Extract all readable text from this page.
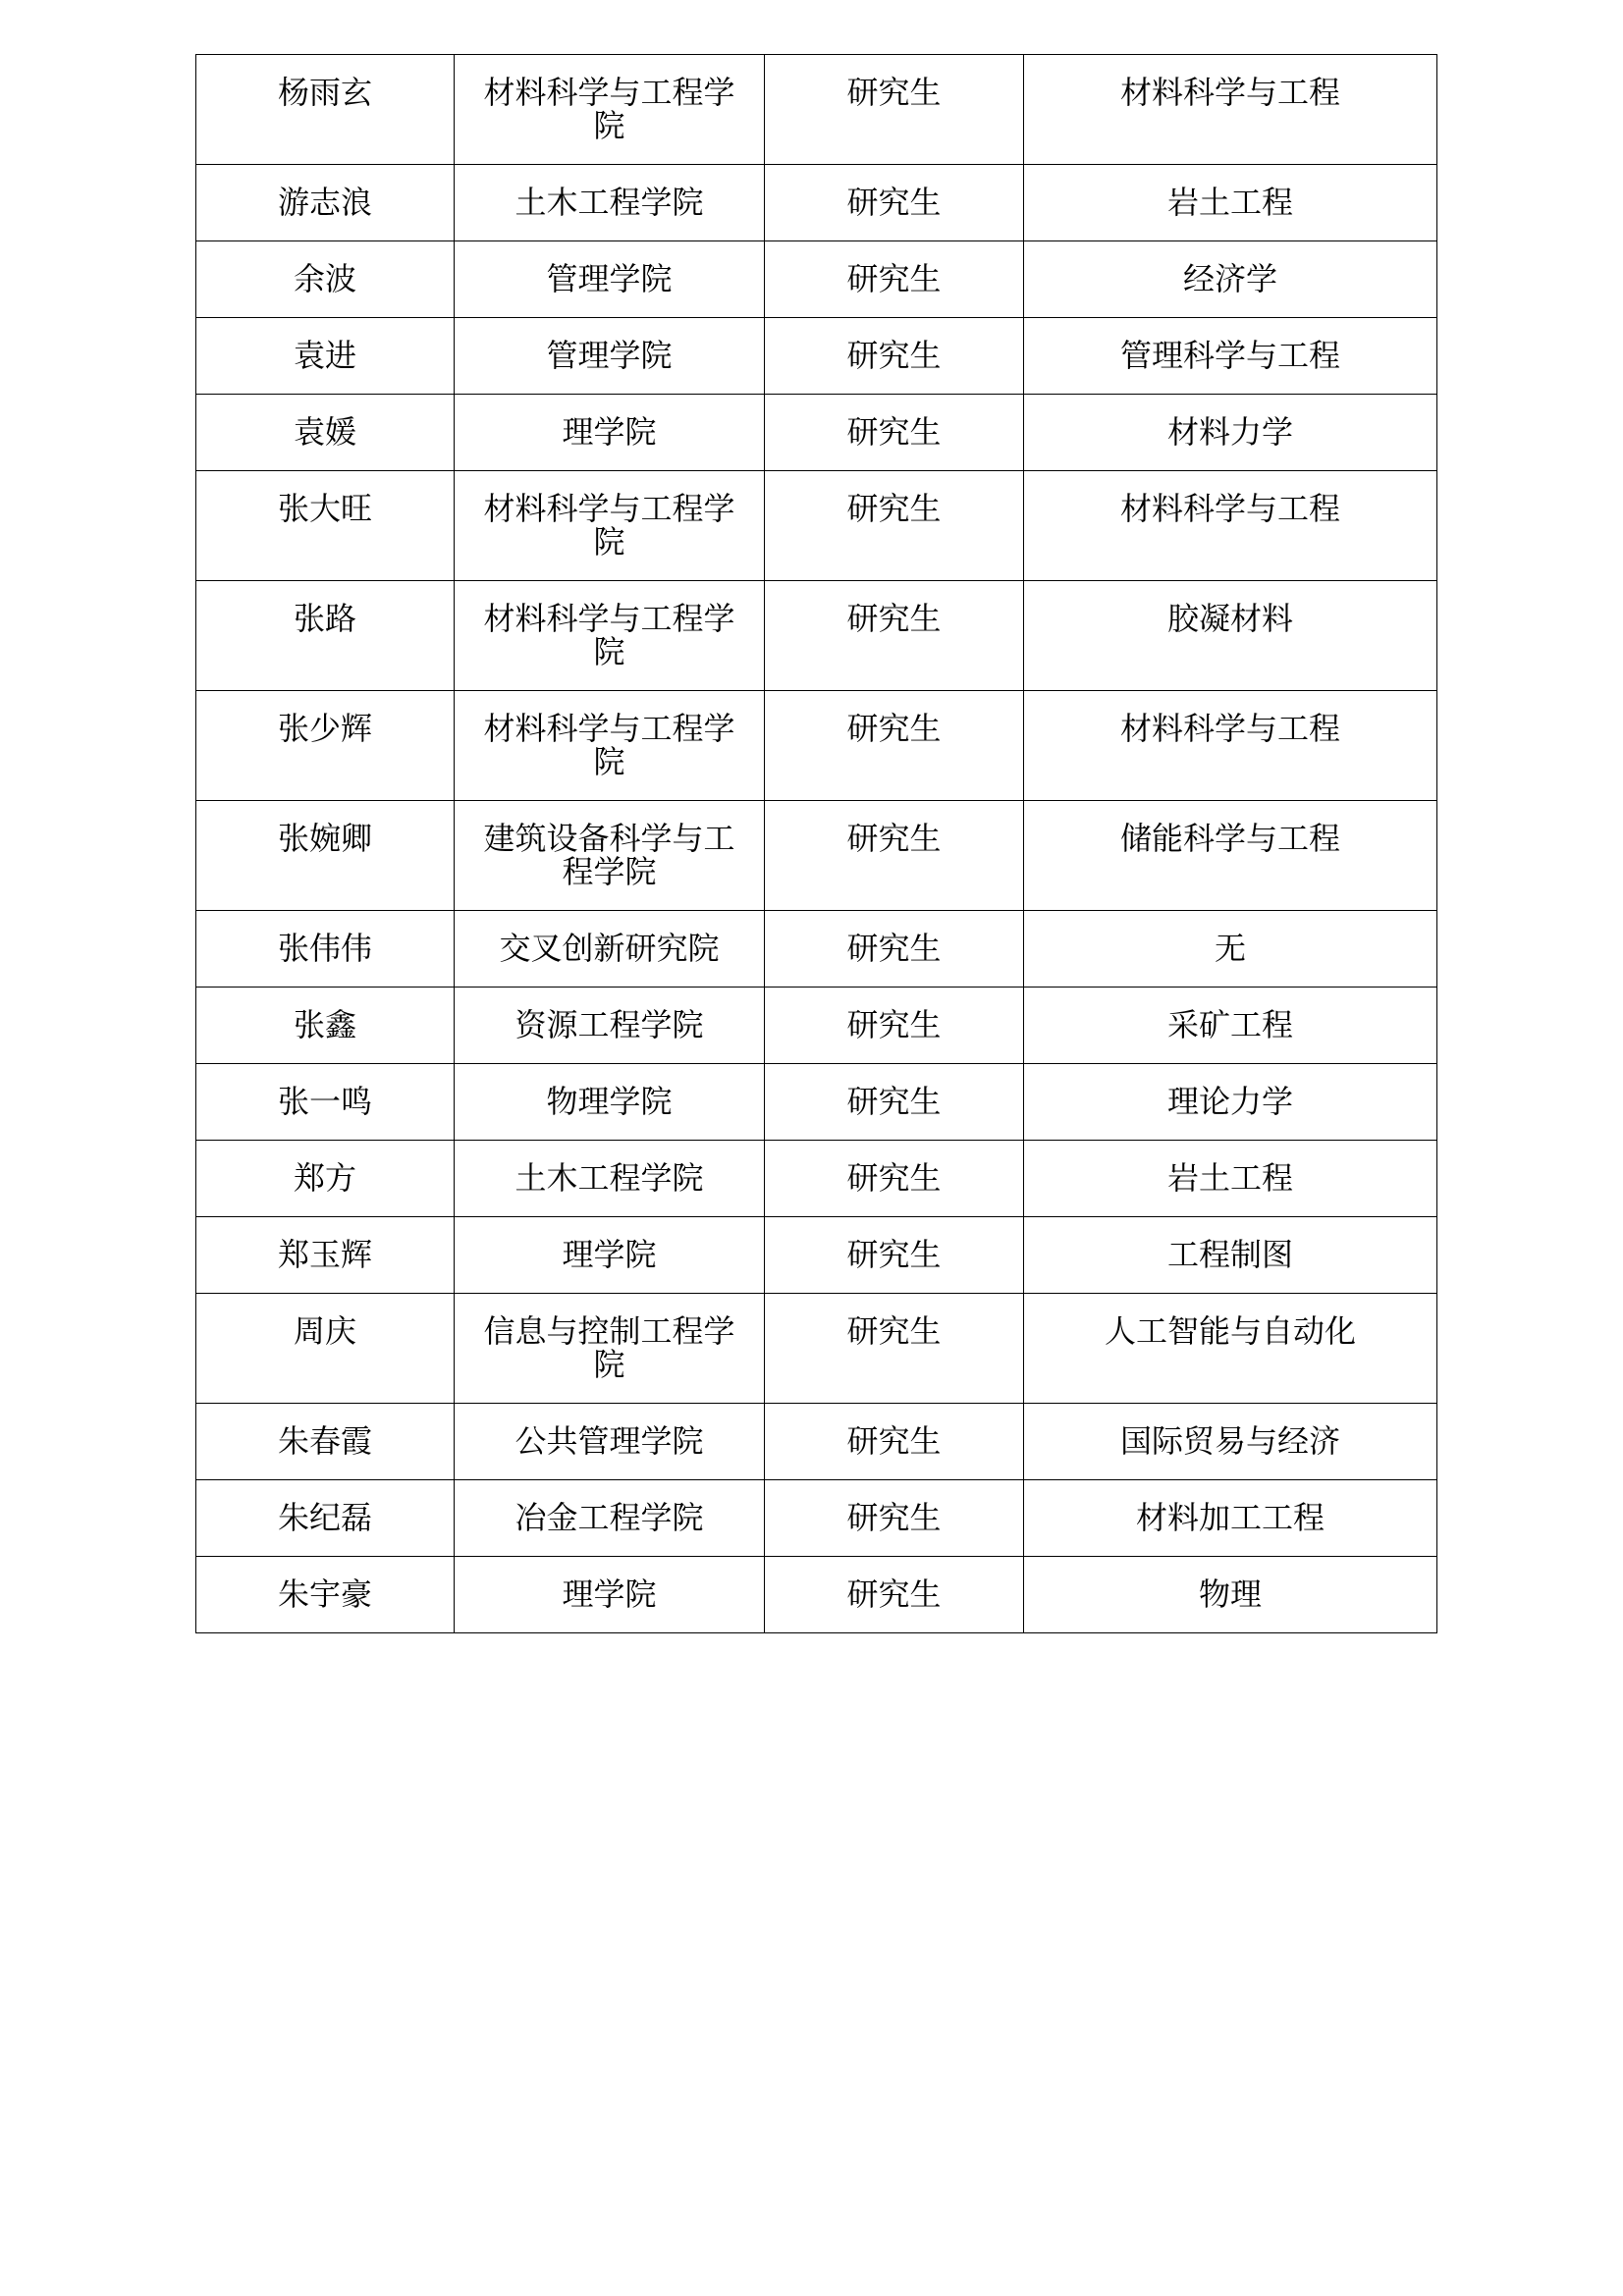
杨雨玄	材料科学与工程学院	研究生	材料科学与工程
游志浪	土木工程学院	研究生	岩土工程
余波	管理学院	研究生	经济学
袁进	管理学院	研究生	管理科学与工程
袁媛	理学院	研究生	材料力学
张大旺	材料科学与工程学院	研究生	材料科学与工程
张路	材料科学与工程学院	研究生	胶凝材料
张少辉	材料科学与工程学院	研究生	材料科学与工程
张婉卿	建筑设备科学与工程学院	研究生	储能科学与工程
张伟伟	交叉创新研究院	研究生	无
张鑫	资源工程学院	研究生	采矿工程
张一鸣	物理学院	研究生	理论力学
郑方	土木工程学院	研究生	岩土工程
郑玉辉	理学院	研究生	工程制图
周庆	信息与控制工程学院	研究生	人工智能与自动化
朱春霞	公共管理学院	研究生	国际贸易与经济
朱纪磊	冶金工程学院	研究生	材料加工工程
朱宇豪	理学院	研究生	物理
